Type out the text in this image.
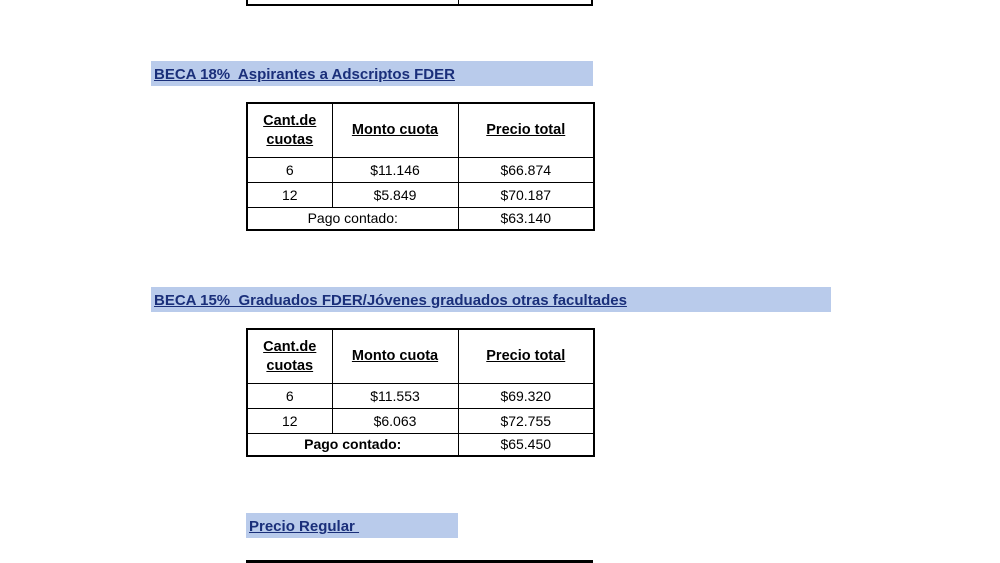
BECA 18%  Aspirantes a Adscriptos FDER
Cant.de
cuotas	Monto cuota	Precio total
6	$11.146	$66.874
12	$5.849	$70.187
Pago contado:		$63.140
BECA 15%  Graduados FDER/Jóvenes graduados otras facultades
Cant.de
cuotas	Monto cuota	Precio total
6	$11.553	$69.320
12	$6.063	$72.755
Pago contado:		$65.450
Precio Regular
